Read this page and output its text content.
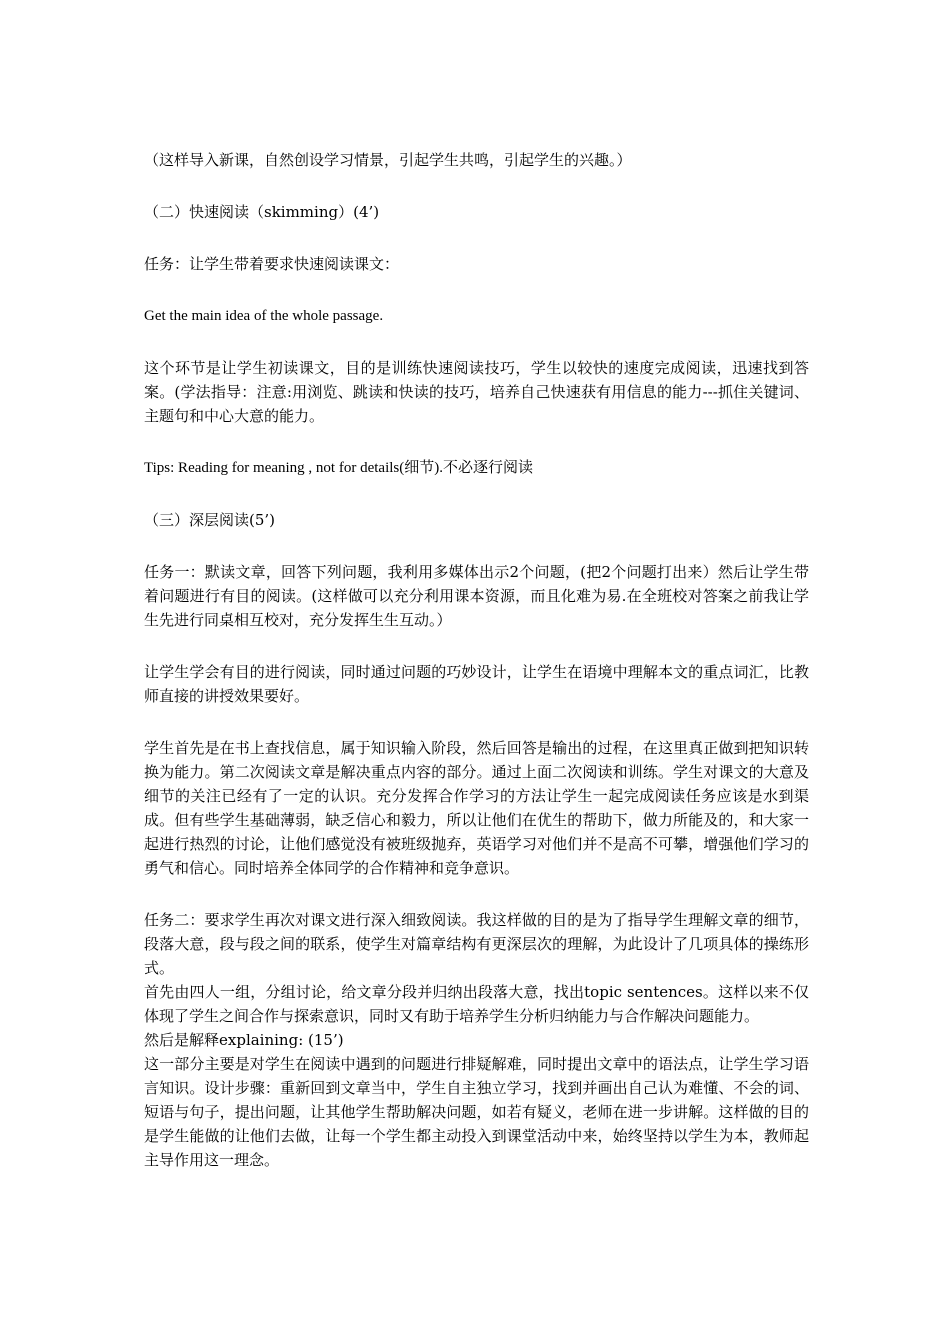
（这样导入新课，自然创设学习情景，引起学生共鸣，引起学生的兴趣。）

（二）快速阅读（skimming）(4’)

任务：让学生带着要求快速阅读课文：

Get the main idea of the whole passage.

这个环节是让学生初读课文，目的是训练快速阅读技巧，学生以较快的速度完成阅读，迅速找到答案。(学法指导：注意:用浏览、跳读和快读的技巧，培养自己快速获有用信息的能力---抓住关键词、主题句和中心大意的能力。

Tips: Reading for meaning , not for details(细节).不必逐行阅读

（三）深层阅读(5’)

任务一：默读文章，回答下列问题，我利用多媒体出示2个问题，(把2个问题打出来）然后让学生带着问题进行有目的阅读。(这样做可以充分利用课本资源，而且化难为易.在全班校对答案之前我让学生先进行同桌相互校对，充分发挥生生互动。）

让学生学会有目的进行阅读，同时通过问题的巧妙设计，让学生在语境中理解本文的重点词汇，比教师直接的讲授效果要好。

学生首先是在书上查找信息，属于知识输入阶段，然后回答是输出的过程，在这里真正做到把知识转换为能力。第二次阅读文章是解决重点内容的部分。通过上面二次阅读和训练。学生对课文的大意及细节的关注已经有了一定的认识。充分发挥合作学习的方法让学生一起完成阅读任务应该是水到渠成。但有些学生基础薄弱，缺乏信心和毅力，所以让他们在优生的帮助下，做力所能及的，和大家一起进行热烈的讨论，让他们感觉没有被班级抛弃，英语学习对他们并不是高不可攀，增强他们学习的勇气和信心。同时培养全体同学的合作精神和竞争意识。

任务二：要求学生再次对课文进行深入细致阅读。我这样做的目的是为了指导学生理解文章的细节，段落大意，段与段之间的联系，使学生对篇章结构有更深层次的理解，为此设计了几项具体的操练形式。

首先由四人一组，分组讨论，给文章分段并归纳出段落大意，找出topic sentences。这样以来不仅体现了学生之间合作与探索意识，同时又有助于培养学生分析归纳能力与合作解决问题能力。

然后是解释explaining: (15’)

这一部分主要是对学生在阅读中遇到的问题进行排疑解难，同时提出文章中的语法点，让学生学习语言知识。设计步骤：重新回到文章当中，学生自主独立学习，找到并画出自己认为难懂、不会的词、短语与句子，提出问题，让其他学生帮助解决问题，如若有疑义，老师在进一步讲解。这样做的目的是学生能做的让他们去做，让每一个学生都主动投入到课堂活动中来，始终坚持以学生为本，教师起主导作用这一理念。
